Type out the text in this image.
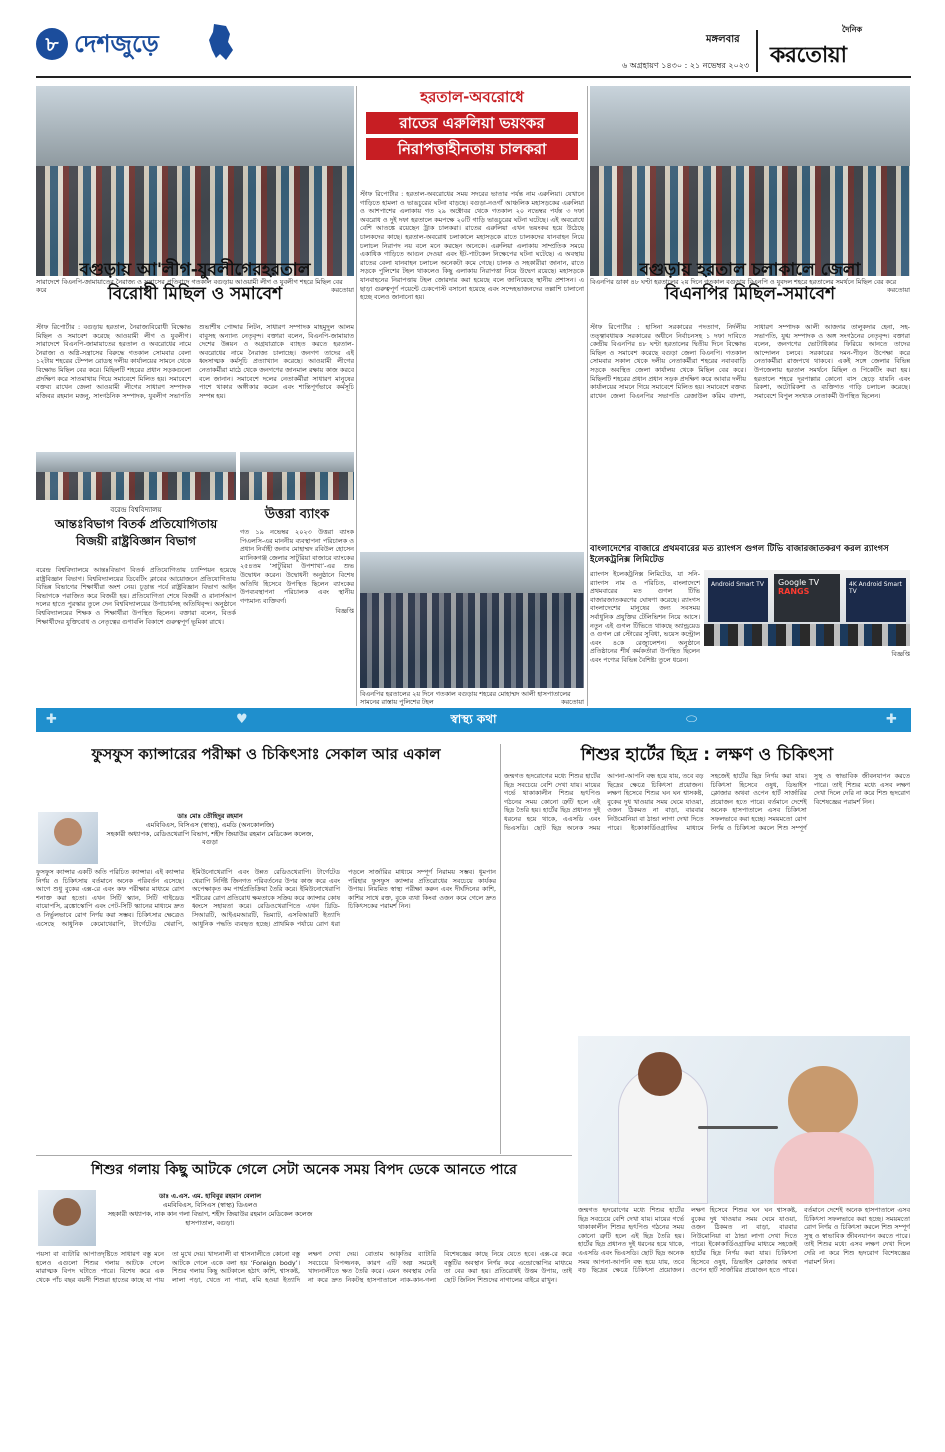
৮ দেশজুড়ে	মঙ্গলবার
৬ অগ্রহায়ণ ১৪৩০ : ২১ নভেম্বর ২০২৩
দৈনিক
করতোয়া
সারাদেশে বিএনপি-জামায়াতের নৈরাজ্য ও সন্ত্রাসের প্রতিবাদে গতকাল বগুড়ায় আওয়ামী লীগ ও যুবলীগ শহরে মিছিল বের করে	করতোয়া
হরতাল-অবরোধে
রাতের এরুলিয়া ভয়ংকর
নিরাপত্তাহীনতায় চালকরা

স্টাফ রিপোর্টার : হরতাল-অবরোধের সময় সদরের ভাতার পর্যন্ত নাম এরুলিয়া। যেখানে গাড়িতে হামলা ও ভাঙচুরের ঘটনা বাড়ছে। বগুড়া-নওগাঁ আঞ্চলিক মহাসড়কের এরুলিয়া ও আশপাশের এলাকায় গত ২৯ অক্টোবর থেকে গতকাল ২০ নভেম্বর পর্যন্ত ৩ দফা অবরোধ ও দুই দফা হরতালে কমপক্ষে ২০টি গাড়ি ভাঙচুরের ঘটনা ঘটেছে। এই অবরোধে বেশি আতঙ্কে রয়েছেন ট্রাক চালকরা। রাতের এরুলিয়া এখন ভয়ংকর হয়ে উঠেছে চালকদের কাছে। হরতাল-অবরোধ চলাকালে মহাসড়কে রাতে চালকদের যানবাহন নিয়ে চলাচল নিরাপদ নয় বলে মনে করছেন অনেকে। এরুলিয়া এলাকায় সাম্প্রতিক সময়ে একাধিক গাড়িতে আগুন দেওয়া এবং ইট-পাটকেল নিক্ষেপের ঘটনা ঘটেছে। এ অবস্থায় রাতের বেলা যানবাহন চলাচল অনেকটা কমে গেছে। চালক ও সহকারীরা জানান, রাতে সড়কে পুলিশের টহল থাকলেও কিছু এলাকায় নিরাপত্তা নিয়ে উদ্বেগ রয়েছে। মহাসড়কে যানবাহনের নিরাপত্তায় টহল জোরদার করা হয়েছে বলে জানিয়েছে স্থানীয় প্রশাসন। এ ছাড়া গুরুত্বপূর্ণ পয়েন্টে চেকপোস্ট বসানো হয়েছে এবং সন্দেহভাজনদের তল্লাশি চালানো হচ্ছে বলেও জানানো হয়।

বিএনপির ডাকা ৪৮ ঘণ্টা হরতালের ২য় দিনে গতকাল বগুড়ায় বিএনপি ও যুবদল শহরে হরতালের সমর্থনে মিছিল বের করে
করতোয়া
বগুড়ায় আ'লীগ-যুবলীগেরহরতাল
বিরোধী মিছিল ও সমাবেশ

স্টাফ রিপোর্টার : বগুড়ায় হরতাল, নৈরাজ্যবিরোধী বিক্ষোভ মিছিল ও সমাবেশ করেছে আওয়ামী লীগ ও যুবলীগ। সারাদেশে বিএনপি-জামায়াতের হরতাল ও অবরোধের নামে নৈরাজ্য ও অগ্নি-সন্ত্রাসের বিরুদ্ধে গতকাল সোমবার বেলা ১২টায় শহরের টেম্পল রোডস্থ দলীয় কার্যালয়ের সামনে থেকে বিক্ষোভ মিছিল বের করে। মিছিলটি শহরের প্রধান সড়কগুলো প্রদক্ষিণ করে সাতমাথায় গিয়ে সমাবেশে মিলিত হয়। সমাবেশে বক্তব্য রাখেন জেলা আওয়ামী লীগের সাধারণ সম্পাদক মজিবর রহমান মজনু, সাংগঠনিক সম্পাদক, যুবলীগ সভাপতি শুভাশীষ পোদ্দার লিটন, সাধারণ সম্পাদক মাহমুদুল আলম বাবুসহ অন্যান্য নেতৃবৃন্দ। বক্তারা বলেন, বিএনপি-জামায়াত দেশের উন্নয়ন ও অগ্রযাত্রাকে ব্যাহত করতে হরতাল-অবরোধের নামে নৈরাজ্য চালাচ্ছে। জনগণ তাদের এই ধ্বংসাত্মক কর্মসূচি প্রত্যাখ্যান করেছে। আওয়ামী লীগের নেতাকর্মীরা মাঠে থেকে জনগণের জানমাল রক্ষায় কাজ করবে বলে জানান। সমাবেশে দলের নেতাকর্মীরা সাধারণ মানুষের পাশে থাকার অঙ্গীকার করেন এবং শান্তিপূর্ণভাবে কর্মসূচি সম্পন্ন হয়।

বগুড়ায় হরতাল চলাকালে জেলা
বিএনপির মিছিল-সমাবেশ

স্টাফ রিপোর্টার : হাসিনা সরকারের পদত্যাগ, নির্দলীয় তত্ত্বাবধায়ক সরকারের অধীনে নির্বাচনসহ ১ দফা দাবিতে কেন্দ্রীয় বিএনপির ৪৮ ঘণ্টা হরতালের দ্বিতীয় দিনে বিক্ষোভ মিছিল ও সমাবেশ করেছে বগুড়া জেলা বিএনপি। গতকাল সোমবার সকাল থেকে দলীয় নেতাকর্মীরা শহরের নবাববাড়ি সড়কে অবস্থিত জেলা কার্যালয় থেকে মিছিল বের করে। মিছিলটি শহরের প্রধান প্রধান সড়ক প্রদক্ষিণ করে আবার দলীয় কার্যালয়ের সামনে গিয়ে সমাবেশে মিলিত হয়। সমাবেশে বক্তব্য রাখেন জেলা বিএনপির সভাপতি রেজাউল করিম বাদশা, সাধারণ সম্পাদক আলী আজগর তালুকদার হেনা, সহ-সভাপতি, যুগ্ম সম্পাদক ও অঙ্গ সংগঠনের নেতৃবৃন্দ। বক্তারা বলেন, জনগণের ভোটাধিকার ফিরিয়ে আনতে তাদের আন্দোলন চলবে। সরকারের দমন-পীড়ন উপেক্ষা করে নেতাকর্মীরা রাজপথে থাকবে। একই সঙ্গে জেলার বিভিন্ন উপজেলায় হরতাল সমর্থনে মিছিল ও পিকেটিং করা হয়। হরতালে শহরে দূরপাল্লার কোনো বাস ছেড়ে যায়নি এবং রিকশা, অটোরিকশা ও ব্যক্তিগত গাড়ি চলাচল করেছে। সমাবেশে বিপুল সংখ্যক নেতাকর্মী উপস্থিত ছিলেন।

বরেন্দ্র বিশ্ববিদ্যালয়
আন্তঃবিভাগ বিতর্ক প্রতিযোগিতায়
বিজয়ী রাষ্ট্রবিজ্ঞান বিভাগ

বরেন্দ্র বিশ্ববিদ্যালয়ে আন্তঃবিভাগ বিতর্ক প্রতিযোগিতায় চ্যাম্পিয়ন হয়েছে রাষ্ট্রবিজ্ঞান বিভাগ। বিশ্ববিদ্যালয়ের ডিবেটিং ক্লাবের আয়োজনে প্রতিযোগিতায় বিভিন্ন বিভাগের শিক্ষার্থীরা অংশ নেয়। চূড়ান্ত পর্বে রাষ্ট্রবিজ্ঞান বিভাগ আইন বিভাগকে পরাজিত করে বিজয়ী হয়। প্রতিযোগিতা শেষে বিজয়ী ও রানার্সআপ দলের হাতে পুরস্কার তুলে দেন বিশ্ববিদ্যালয়ের উপাচার্যসহ অতিথিবৃন্দ। অনুষ্ঠানে বিশ্ববিদ্যালয়ের শিক্ষক ও শিক্ষার্থীরা উপস্থিত ছিলেন। বক্তারা বলেন, বিতর্ক শিক্ষার্থীদের যুক্তিবোধ ও নেতৃত্বের গুণাবলি বিকাশে গুরুত্বপূর্ণ ভূমিকা রাখে।

উত্তরা ব্যাংক

গত ১৯ নভেম্বর ২০২৩ উত্তরা ব্যাংক পিএলসি-এর মাননীয় ব্যবস্থাপনা পরিচালক ও প্রধান নির্বাহী জনাব মোহাম্মদ রবিউল হোসেন ম্যানিকগঞ্জ জেলার সাটুরিয়া বাজারে ব্যাংকের ২৫৪তম ‘সাটুরিয়া উপশাখা’-এর শুভ উদ্বোধন করেন। উদ্বোধনী অনুষ্ঠানে বিশেষ অতিথি হিসেবে উপস্থিত ছিলেন ব্যাংকের উপব্যবস্থাপনা পরিচালক এবং স্থানীয় গণ্যমান্য ব্যক্তিবর্গ।

বিজ্ঞপ্তি

বিএনপির হরতালের ২য় দিনে গতকাল বগুড়ায় শহরের মোহাম্মদ আলী হাসপাতালের সামনের রাস্তায় পুলিশের টহল	করতোয়া
বাংলাদেশের বাজারে প্রথমবারের মত র‌্যাংগস গুগল টিভি বাজারজাতকরণ করল র‌্যাংগস ইলেকট্রনিক্স লিমিটেড

র‌্যাংগস ইলেকট্রনিক্স লিমিটেড, যা সনি-র‌্যাংগস নাম ও পরিচিত, বাংলাদেশে প্রথমবারের মত গুগল টিভি বাজারজাতকরণের ঘোষণা করেছে। র‌্যাংগস বাংলাদেশের মানুষের জন্য সবসময় সর্বাধুনিক প্রযুক্তির টেলিভিশন নিয়ে আসে। নতুন এই গুগল টিভিতে থাকছে অ্যান্ড্রয়েড ও গুগল প্লে স্টোরের সুবিধা, ভয়েস কন্ট্রোল এবং ৪কে রেজ্যুলেশন। অনুষ্ঠানে প্রতিষ্ঠানের শীর্ষ কর্মকর্তারা উপস্থিত ছিলেন এবং পণ্যের বিভিন্ন বৈশিষ্ট্য তুলে ধরেন।

Android Smart TV	Google TV
RANGS
4K Android Smart TV

বিজ্ঞপ্তি

স্বাস্থ্য কথা
✚	♥	⬭	✚
ফুসফুস ক্যান্সারের পরীক্ষা ও চিকিৎসাঃ সেকাল আর একাল
ডাঃ মোঃ তৌহিদুর রহমান
এমবিবিএস, বিসিএস (স্বাস্থ্য), এমডি (অনকোলজি)
সহকারী অধ্যাপক, রেডিওথেরাপি বিভাগ, শহীদ জিয়াউর রহমান মেডিকেল কলেজ, বগুড়া

ফুসফুস ক্যান্সার একটি অতি পরিচিত ক্যান্সার। এই ক্যান্সার নির্ণয় ও চিকিৎসায় বর্তমানে অনেক পরিবর্তন এসেছে। আগে শুধু বুকের এক্স-রে এবং কফ পরীক্ষার মাধ্যমে রোগ শনাক্ত করা হতো। এখন সিটি স্ক্যান, সিটি গাইডেড বায়োপসি, ব্রঙ্কোস্কোপি এবং পেট-সিটি স্ক্যানের মাধ্যমে দ্রুত ও নির্ভুলভাবে রোগ নির্ণয় করা সম্ভব। চিকিৎসার ক্ষেত্রেও এসেছে আধুনিক কেমোথেরাপি, টার্গেটেড থেরাপি, ইমিউনোথেরাপি এবং উন্নত রেডিওথেরাপি। টার্গেটেড থেরাপি নির্দিষ্ট জিনগত পরিবর্তনের উপর কাজ করে এবং অপেক্ষাকৃত কম পার্শ্বপ্রতিক্রিয়া তৈরি করে। ইমিউনোথেরাপি শরীরের রোগ প্রতিরোধ ক্ষমতাকে সক্রিয় করে ক্যান্সার কোষ ধ্বংসে সহায়তা করে। রেডিওথেরাপিতে এখন থ্রিডি-সিআরটি, আইএমআরটি, ভিম্যাট, এসবিআরটি ইত্যাদি আধুনিক পদ্ধতি ব্যবহৃত হচ্ছে। প্রাথমিক পর্যায়ে রোগ ধরা পড়লে সার্জারির মাধ্যমে সম্পূর্ণ নিরাময় সম্ভব। ধূমপান পরিহার ফুসফুস ক্যান্সার প্রতিরোধের সবচেয়ে কার্যকর উপায়। নিয়মিত স্বাস্থ্য পরীক্ষা করুন এবং দীর্ঘদিনের কাশি, কাশির সাথে রক্ত, বুকে ব্যথা কিংবা ওজন কমে গেলে দ্রুত চিকিৎসকের পরামর্শ নিন।

শিশুর হার্টের ছিদ্র : লক্ষণ ও চিকিৎসা

জন্মগত হৃদরোগের মধ্যে শিশুর হার্টের ছিদ্র সবচেয়ে বেশি দেখা যায়। মায়ের গর্ভে থাকাকালীন শিশুর হৃৎপিণ্ড গঠনের সময় কোনো ত্রুটি হলে এই ছিদ্র তৈরি হয়। হার্টের ছিদ্র প্রধানত দুই ধরনের হয়ে থাকে, এএসডি এবং ভিএসডি। ছোট ছিদ্র অনেক সময় আপনা-আপনি বন্ধ হয়ে যায়, তবে বড় ছিদ্রের ক্ষেত্রে চিকিৎসা প্রয়োজন। লক্ষণ হিসেবে শিশুর ঘন ঘন শ্বাসকষ্ট, বুকের দুধ খাওয়ার সময় ঘেমে যাওয়া, ওজন ঠিকমত না বাড়া, বারবার নিউমোনিয়া বা ঠান্ডা লাগা দেখা দিতে পারে। ইকোকার্ডিওগ্রাফির মাধ্যমে সহজেই হার্টের ছিদ্র নির্ণয় করা যায়। চিকিৎসা হিসেবে ওষুধ, ডিভাইস ক্লোজার অথবা ওপেন হার্ট সার্জারির প্রয়োজন হতে পারে। বর্তমানে দেশেই অনেক হাসপাতালে এসব চিকিৎসা সফলভাবে করা হচ্ছে। সময়মতো রোগ নির্ণয় ও চিকিৎসা করলে শিশু সম্পূর্ণ সুস্থ ও স্বাভাবিক জীবনযাপন করতে পারে। তাই শিশুর মধ্যে এসব লক্ষণ দেখা দিলে দেরি না করে শিশু হৃদরোগ বিশেষজ্ঞের পরামর্শ নিন।

জন্মগত হৃদরোগের মধ্যে শিশুর হার্টের ছিদ্র সবচেয়ে বেশি দেখা যায়। মায়ের গর্ভে থাকাকালীন শিশুর হৃৎপিণ্ড গঠনের সময় কোনো ত্রুটি হলে এই ছিদ্র তৈরি হয়। হার্টের ছিদ্র প্রধানত দুই ধরনের হয়ে থাকে, এএসডি এবং ভিএসডি। ছোট ছিদ্র অনেক সময় আপনা-আপনি বন্ধ হয়ে যায়, তবে বড় ছিদ্রের ক্ষেত্রে চিকিৎসা প্রয়োজন। লক্ষণ হিসেবে শিশুর ঘন ঘন শ্বাসকষ্ট, বুকের দুধ খাওয়ার সময় ঘেমে যাওয়া, ওজন ঠিকমত না বাড়া, বারবার নিউমোনিয়া বা ঠান্ডা লাগা দেখা দিতে পারে। ইকোকার্ডিওগ্রাফির মাধ্যমে সহজেই হার্টের ছিদ্র নির্ণয় করা যায়। চিকিৎসা হিসেবে ওষুধ, ডিভাইস ক্লোজার অথবা ওপেন হার্ট সার্জারির প্রয়োজন হতে পারে। বর্তমানে দেশেই অনেক হাসপাতালে এসব চিকিৎসা সফলভাবে করা হচ্ছে। সময়মতো রোগ নির্ণয় ও চিকিৎসা করলে শিশু সম্পূর্ণ সুস্থ ও স্বাভাবিক জীবনযাপন করতে পারে। তাই শিশুর মধ্যে এসব লক্ষণ দেখা দিলে দেরি না করে শিশু হৃদরোগ বিশেষজ্ঞের পরামর্শ নিন।

শিশুর গলায় কিছু আটকে গেলে সেটা অনেক সময় বিপদ ডেকে আনতে পারে
ডাঃ এ.এস. এম. হাবিবুর রহমান বেলাল
এমবিবিএস, বিসিএস (স্বাস্থ্য) ডিএলও
সহকারী অধ্যাপক, নাক কান গলা বিভাগ, শহীদ জিয়াউর রহমান মেডিকেল কলেজ হাসপাতাল, বগুড়া।

পয়সা বা ব্যাটারি আপাতদৃষ্টিতে সাধারণ বস্তু মনে হলেও এগুলো শিশুর গলায় আটকে গেলে মারাত্মক বিপদ ঘটাতে পারে। বিশেষ করে এক থেকে পাঁচ বছর বয়সী শিশুরা হাতের কাছে যা পায় তা মুখে দেয়। খাদ্যনালী বা শ্বাসনালীতে কোনো বস্তু আটকে গেলে একে বলা হয় ‘Foreign body’। শিশুর গলায় কিছু আটকালে হঠাৎ কাশি, শ্বাসকষ্ট, লালা পড়া, খেতে না পারা, বমি হওয়া ইত্যাদি লক্ষণ দেখা দেয়। বোতাম আকৃতির ব্যাটারি সবচেয়ে বিপজ্জনক, কারণ এটি অল্প সময়েই খাদ্যনালীতে ক্ষত তৈরি করে। এমন অবস্থায় দেরি না করে দ্রুত নিকটস্থ হাসপাতালে নাক-কান-গলা বিশেষজ্ঞের কাছে নিয়ে যেতে হবে। এক্স-রে করে বস্তুটির অবস্থান নির্ণয় করে এন্ডোস্কোপির মাধ্যমে তা বের করা হয়। প্রতিরোধই উত্তম উপায়, তাই ছোট জিনিস শিশুদের নাগালের বাইরে রাখুন।
